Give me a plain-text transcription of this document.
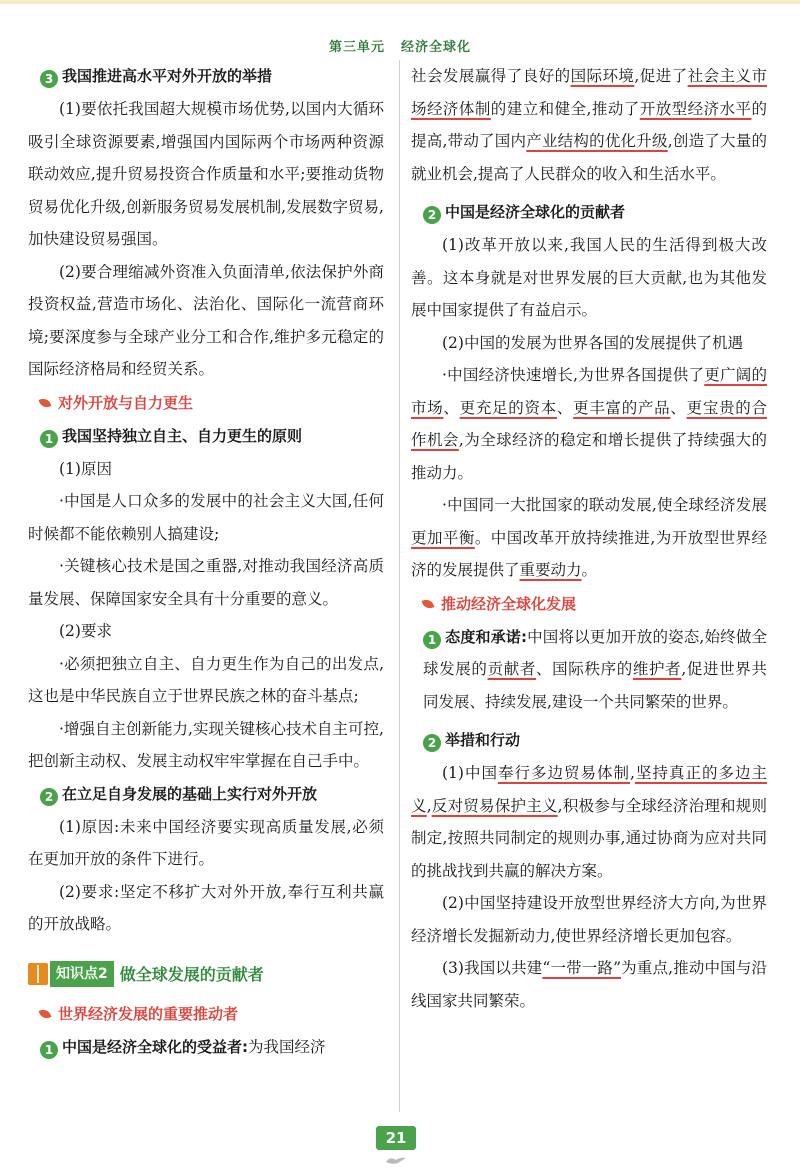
第三单元 经济全球化

3 我国推进高水平对外开放的举措

(1)要依托我国超大规模市场优势,以国内大循环吸引全球资源要素,增强国内国际两个市场两种资源联动效应,提升贸易投资合作质量和水平;要推动货物贸易优化升级,创新服务贸易发展机制,发展数字贸易,加快建设贸易强国。

(2)要合理缩减外资准入负面清单,依法保护外商投资权益,营造市场化、法治化、国际化一流营商环境;要深度参与全球产业分工和合作,维护多元稳定的国际经济格局和经贸关系。

对外开放与自力更生

1 我国坚持独立自主、自力更生的原则

(1)原因

·中国是人口众多的发展中的社会主义大国,任何时候都不能依赖别人搞建设;

·关键核心技术是国之重器,对推动我国经济高质量发展、保障国家安全具有十分重要的意义。

(2)要求

·必须把独立自主、自力更生作为自己的出发点,这也是中华民族自立于世界民族之林的奋斗基点;

·增强自主创新能力,实现关键核心技术自主可控,把创新主动权、发展主动权牢牢掌握在自己手中。

2 在立足自身发展的基础上实行对外开放

(1)原因:未来中国经济要实现高质量发展,必须在更加开放的条件下进行。

(2)要求:坚定不移扩大对外开放,奉行互利共赢的开放战略。

知识点2 做全球发展的贡献者

世界经济发展的重要推动者

1 中国是经济全球化的受益者:为我国经济

社会发展赢得了良好的国际环境,促进了社会主义市场经济体制的建立和健全,推动了开放型经济水平的提高,带动了国内产业结构的优化升级,创造了大量的就业机会,提高了人民群众的收入和生活水平。

2 中国是经济全球化的贡献者

(1)改革开放以来,我国人民的生活得到极大改善。这本身就是对世界发展的巨大贡献,也为其他发展中国家提供了有益启示。

(2)中国的发展为世界各国的发展提供了机遇

·中国经济快速增长,为世界各国提供了更广阔的市场、更充足的资本、更丰富的产品、更宝贵的合作机会,为全球经济的稳定和增长提供了持续强大的推动力。

·中国同一大批国家的联动发展,使全球经济发展更加平衡。中国改革开放持续推进,为开放型世界经济的发展提供了重要动力。

推动经济全球化发展

1 态度和承诺:中国将以更加开放的姿态,始终做全球发展的贡献者、国际秩序的维护者,促进世界共同发展、持续发展,建设一个共同繁荣的世界。

2 举措和行动

(1)中国奉行多边贸易体制,坚持真正的多边主义,反对贸易保护主义,积极参与全球经济治理和规则制定,按照共同制定的规则办事,通过协商为应对共同的挑战找到共赢的解决方案。

(2)中国坚持建设开放型世界经济大方向,为世界经济增长发掘新动力,使世界经济增长更加包容。

(3)我国以共建“一带一路”为重点,推动中国与沿线国家共同繁荣。

21
